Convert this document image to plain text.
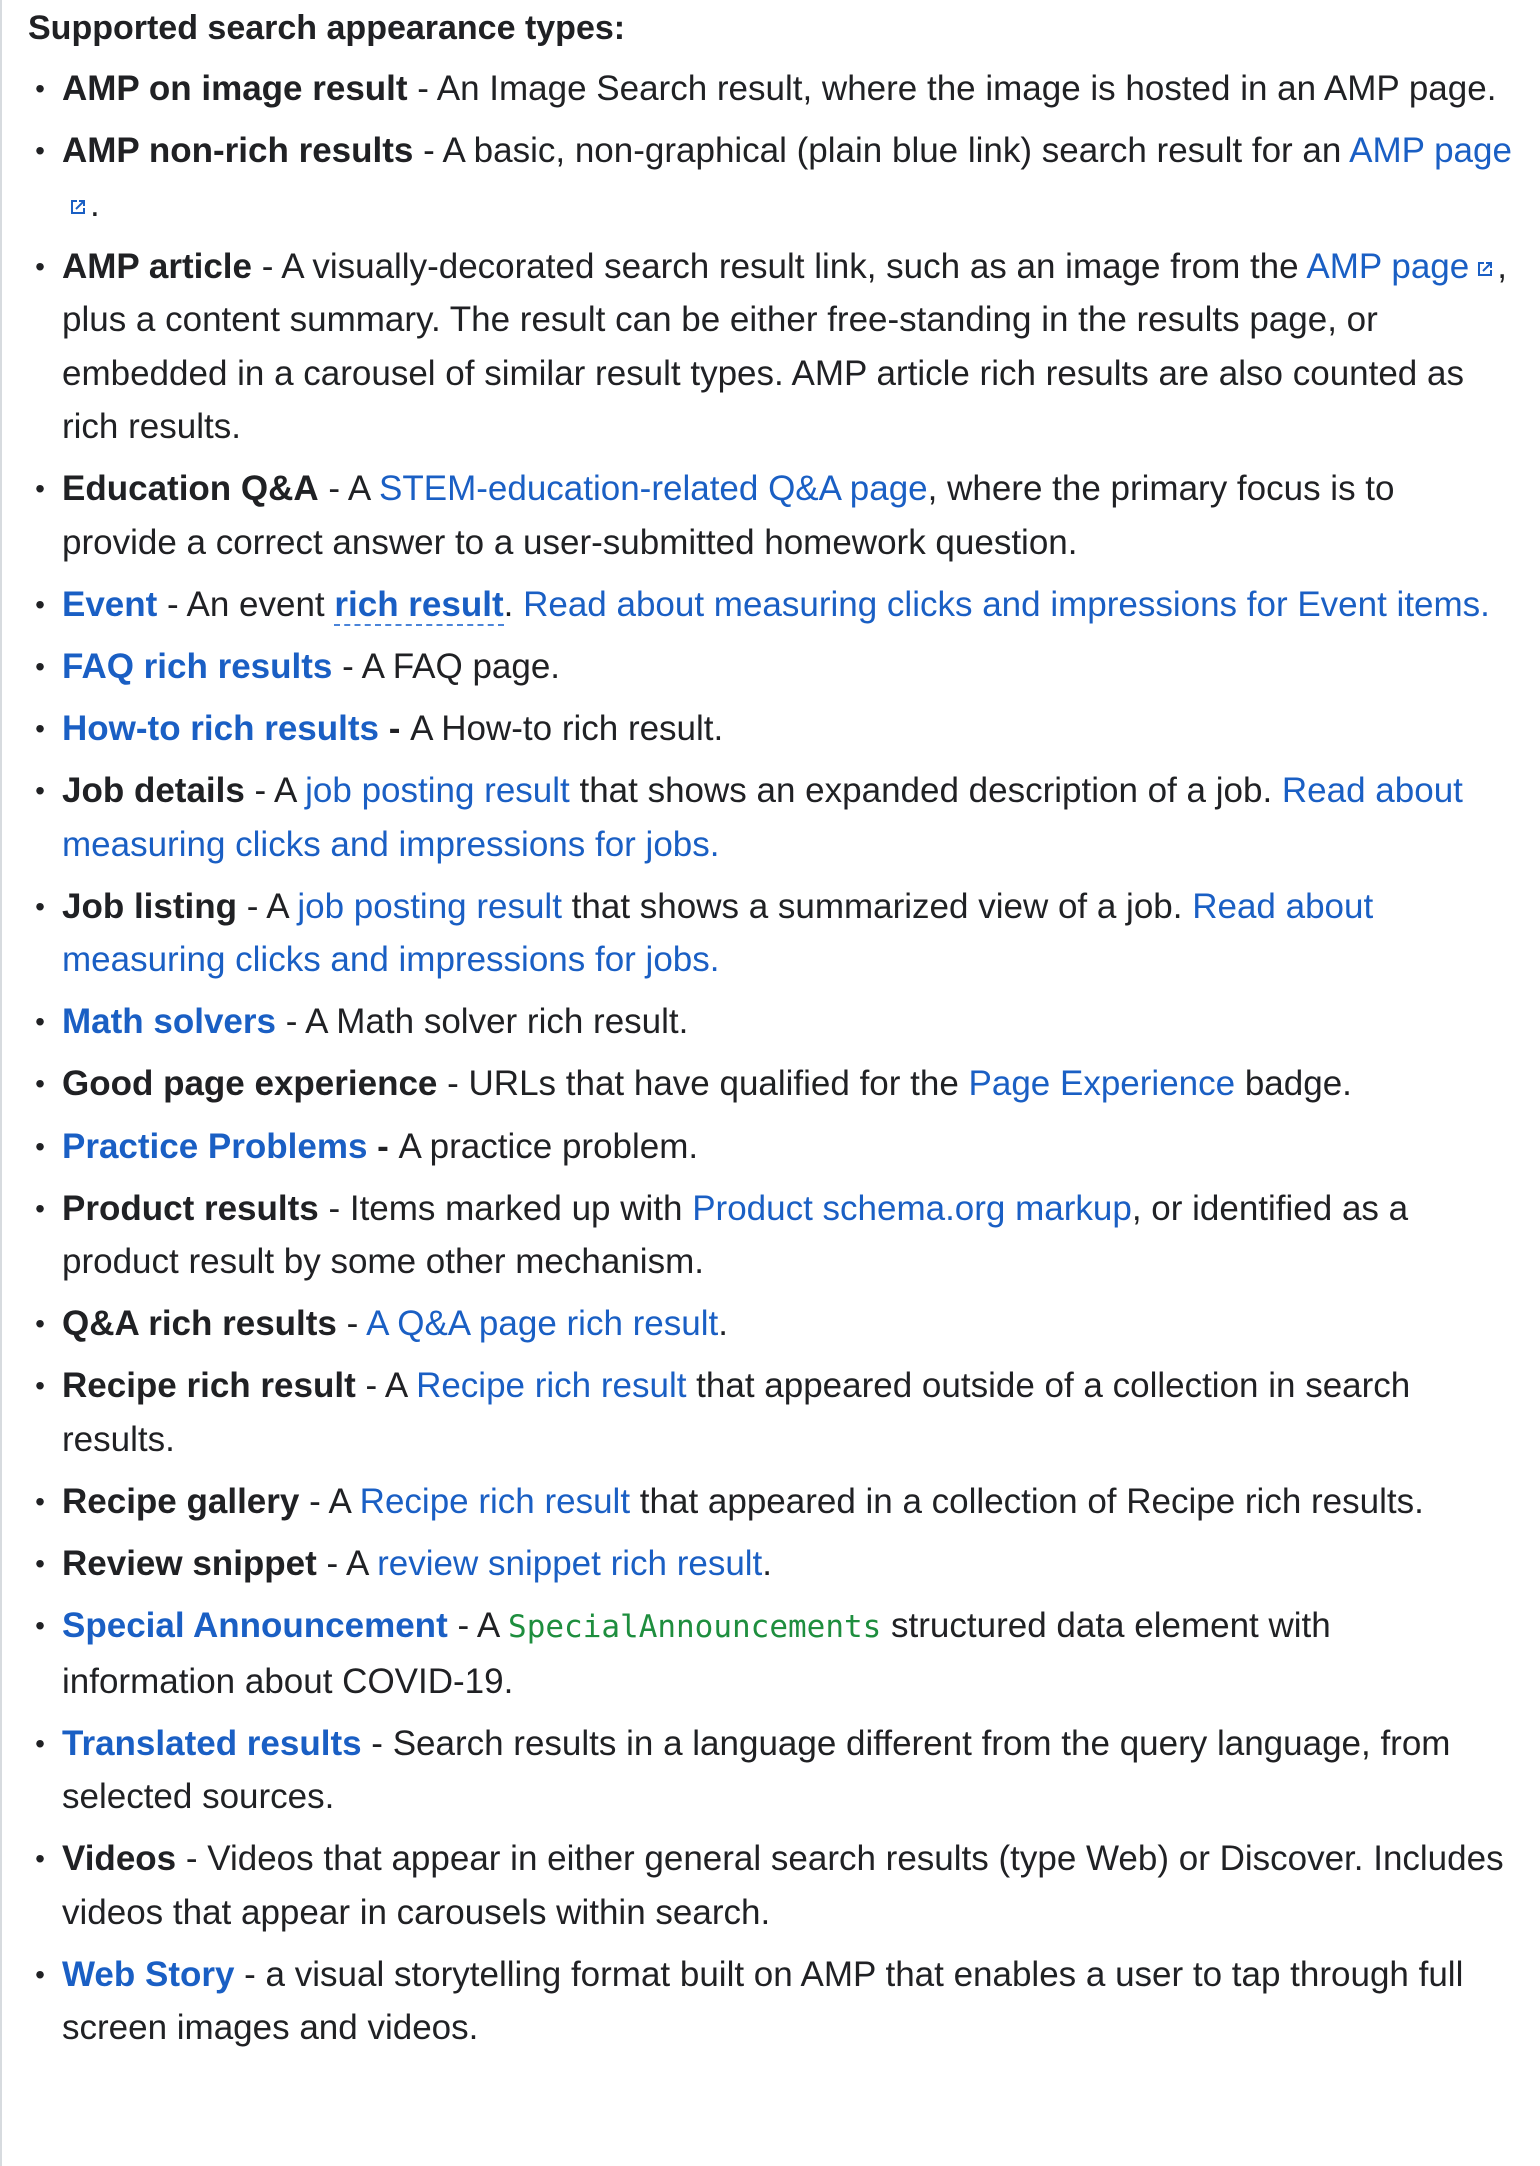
Supported search appearance types:
• AMP on image result - An Image Search result, where the image is hosted in an AMP page.
• AMP non-rich results - A basic, non-graphical (plain blue link) search result for an AMP page.
• AMP article - A visually-decorated search result link, such as an image from the AMP page , plus a content summary. The result can be either free-standing in the results page, or embedded in a carousel of similar result types. AMP article rich results are also counted as rich results.
• Education Q&A - A STEM-education-related Q&A page, where the primary focus is to provide a correct answer to a user-submitted homework question.
• Event - An event rich result. Read about measuring clicks and impressions for Event items.
• FAQ rich results - A FAQ page.
• How-to rich results - A How-to rich result.
• Job details - A job posting result that shows an expanded description of a job. Read about measuring clicks and impressions for jobs.
• Job listing - A job posting result that shows a summarized view of a job. Read about measuring clicks and impressions for jobs.
• Math solvers - A Math solver rich result.
• Good page experience - URLs that have qualified for the Page Experience badge.
• Practice Problems - A practice problem.
• Product results - Items marked up with Product schema.org markup, or identified as a product result by some other mechanism.
• Q&A rich results - A Q&A page rich result.
• Recipe rich result - A Recipe rich result that appeared outside of a collection in search results.
• Recipe gallery - A Recipe rich result that appeared in a collection of Recipe rich results.
• Review snippet - A review snippet rich result.
• Special Announcement - A SpecialAnnouncements structured data element with information about COVID-19.
• Translated results - Search results in a language different from the query language, from selected sources.
• Videos - Videos that appear in either general search results (type Web) or Discover. Includes videos that appear in carousels within search.
• Web Story - a visual storytelling format built on AMP that enables a user to tap through full screen images and videos.
